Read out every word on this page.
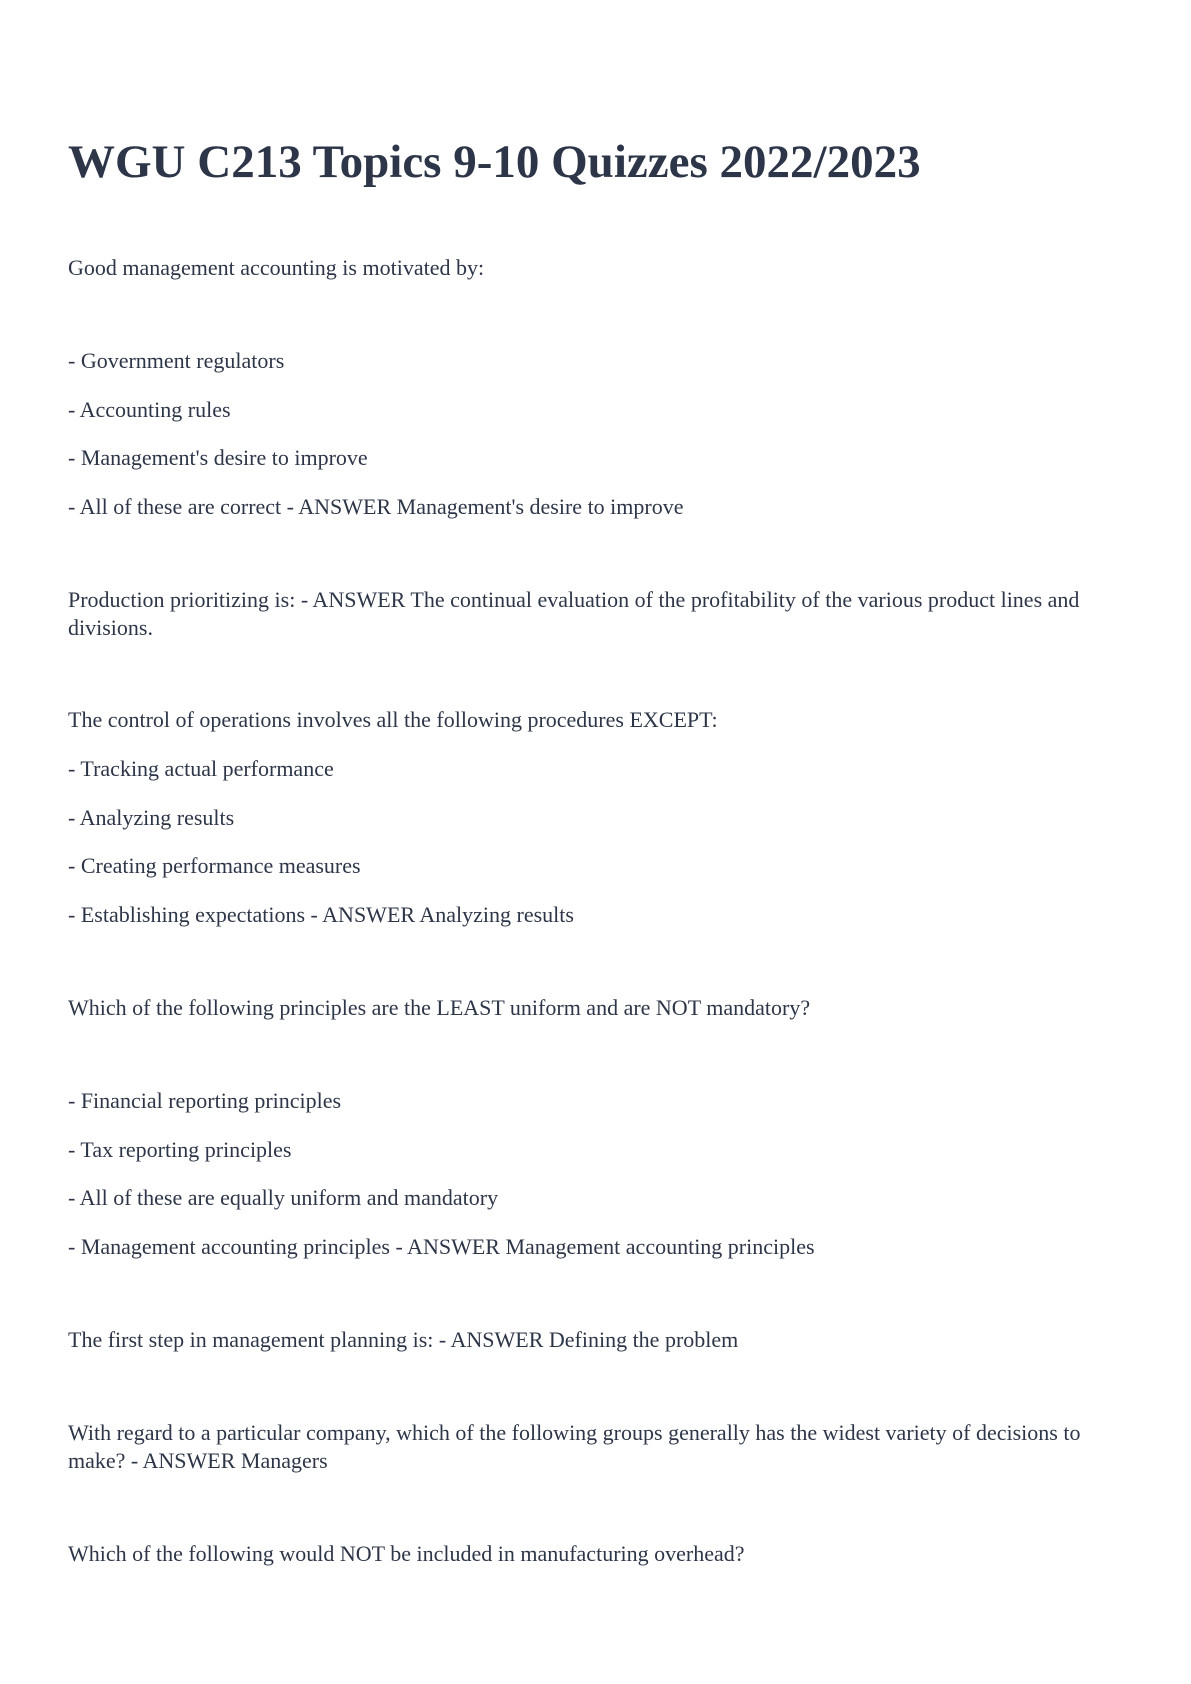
WGU C213 Topics 9-10 Quizzes 2022/2023

Good management accounting is motivated by:

- Government regulators

- Accounting rules

- Management's desire to improve

- All of these are correct - ANSWER Management's desire to improve

Production prioritizing is: - ANSWER The continual evaluation of the profitability of the various product lines and divisions.

The control of operations involves all the following procedures EXCEPT:

- Tracking actual performance

- Analyzing results

- Creating performance measures

- Establishing expectations - ANSWER Analyzing results

Which of the following principles are the LEAST uniform and are NOT mandatory?

- Financial reporting principles

- Tax reporting principles

- All of these are equally uniform and mandatory

- Management accounting principles - ANSWER Management accounting principles

The first step in management planning is: - ANSWER Defining the problem

With regard to a particular company, which of the following groups generally has the widest variety of decisions to make? - ANSWER Managers

Which of the following would NOT be included in manufacturing overhead?
